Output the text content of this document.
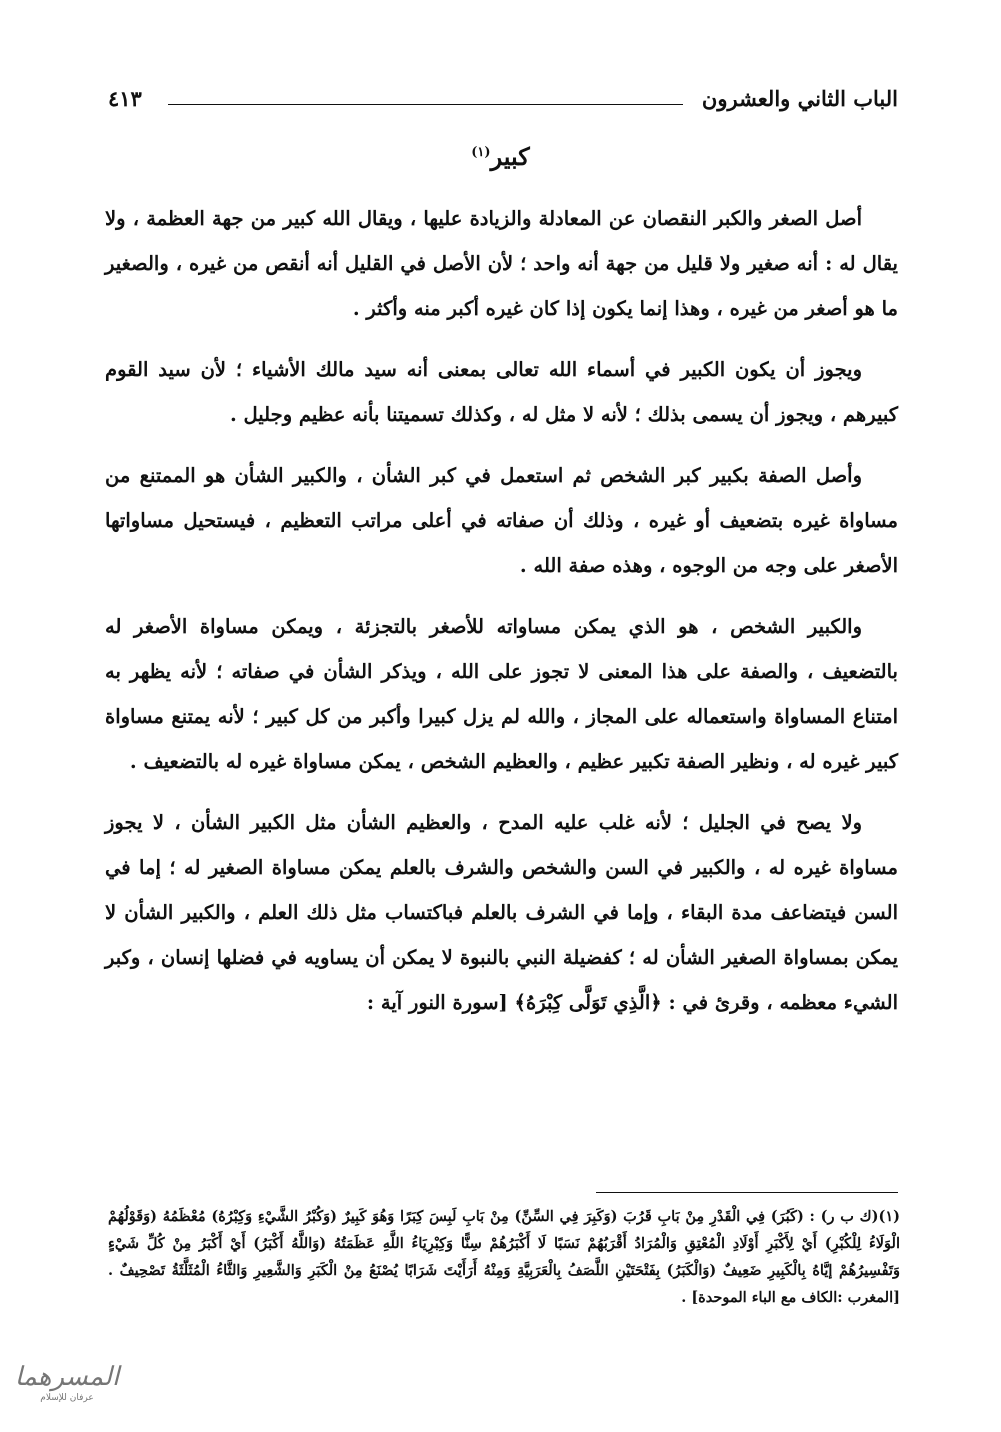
الباب الثاني والعشرون
٤١٣
كبير$^{(١)}$

أصل الصغر والكبر النقصان عن المعادلة والزيادة عليها ، ويقال الله كبير من جهة العظمة ، ولا يقال له : أنه صغير ولا قليل من جهة أنه واحد ؛ لأن الأصل في القليل أنه أنقص من غيره ، والصغير ما هو أصغر من غيره ، وهذا إنما يكون إذا كان غيره أكبر منه وأكثر .

ويجوز أن يكون الكبير في أسماء الله تعالى بمعنى أنه سيد مالك الأشياء ؛ لأن سيد القوم كبيرهم ، ويجوز أن يسمى بذلك ؛ لأنه لا مثل له ، وكذلك تسميتنا بأنه عظيم وجليل .

وأصل الصفة بكبير كبر الشخص ثم استعمل في كبر الشأن ، والكبير الشأن هو الممتنع من مساواة غيره بتضعيف أو غيره ، وذلك أن صفاته في أعلى مراتب التعظيم ، فيستحيل مساواتها الأصغر على وجه من الوجوه ، وهذه صفة الله .

والكبير الشخص ، هو الذي يمكن مساواته للأصغر بالتجزئة ، ويمكن مساواة الأصغر له بالتضعيف ، والصفة على هذا المعنى لا تجوز على الله ، ويذكر الشأن في صفاته ؛ لأنه يظهر به امتناع المساواة واستعماله على المجاز ، والله لم يزل كبيرا وأكبر من كل كبير ؛ لأنه يمتنع مساواة كبير غيره له ، ونظير الصفة تكبير عظيم ، والعظيم الشخص ، يمكن مساواة غيره له بالتضعيف .

ولا يصح في الجليل ؛ لأنه غلب عليه المدح ، والعظيم الشأن مثل الكبير الشأن ، لا يجوز مساواة غيره له ، والكبير في السن والشخص والشرف بالعلم يمكن مساواة الصغير له ؛ إما في السن فيتضاعف مدة البقاء ، وإما في الشرف بالعلم فباكتساب مثل ذلك العلم ، والكبير الشأن لا يمكن بمساواة الصغير الشأن له ؛ كفضيلة النبي بالنبوة لا يمكن أن يساويه في فضلها إنسان ، وكبر الشيء معظمه ، وقرئ في : ﴿الَّذِي تَوَلَّى كِبْرَهُ﴾ [سورة النور آية :

(١)(ك ب ر) : (كَبُرَ) فِي الْقَدْرِ مِنْ بَابِ قَرُبَ (وَكَبِرَ فِي السِّنِّ) مِنْ بَابِ لَبِسَ كِبَرًا وَهُوَ كَبِيرٌ (وَكُبْرُ الشَّيْءِ وَكِبْرُهُ) مُعْظَمُهُ (وَقَوْلُهُمْ الْوَلَاءُ لِلْكُبْرِ) أَيْ لِأَكْبَرِ أَوْلَادِ الْمُعْتِقِ وَالْمُرَادُ أَقْرَبُهُمْ نَسَبًا لَا أَكْبَرُهُمْ سِنًّا وَكِبْرِيَاءُ اللَّهِ عَظَمَتُهُ (وَاللَّهُ أَكْبَرُ) أَيْ أَكْبَرُ مِنْ كُلِّ شَيْءٍ وَتَفْسِيرُهُمْ إيَّاهُ بِالْكَبِيرِ ضَعِيفٌ (وَالْكَبَرُ) بِفَتْحَتَيْنِ اللَّصَفُ بِالْعَرَبِيَّةِ وَمِنْهُ أَرَأَيْتَ شَرَابًا يُصْنَعُ مِنْ الْكَبَرِ وَالشَّعِيرِ وَالثَّاءُ الْمُثَلَّثَةُ تَصْحِيفٌ . [المغرب :الكاف مع الباء الموحدة] .
المسرهما
عرفان للإسلام
